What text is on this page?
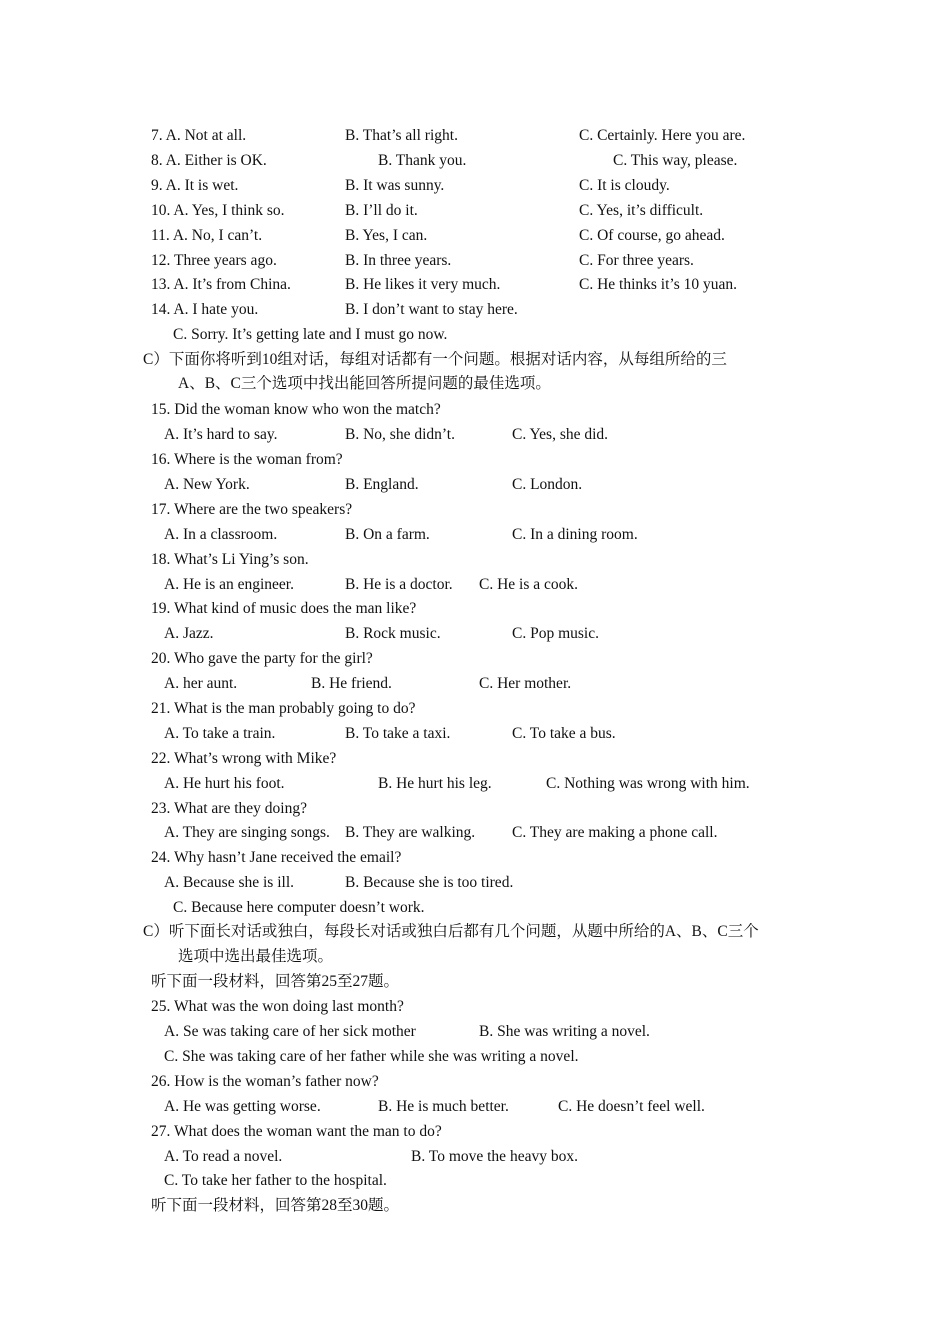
7. A. Not at all.	B. That’s all right.	C. Certainly. Here you are.
8. A. Either is OK.	B. Thank you.	C. This way, please.
9. A. It is wet.	B. It was sunny.	C. It is cloudy.
10. A. Yes, I think so.	B. I’ll do it.	C. Yes, it’s difficult.
11. A. No, I can’t.	B. Yes, I can.	C. Of course, go ahead.
12. Three years ago.	B. In three years.	C. For three years.
13. A. It’s from China.	B. He likes it very much.	C. He thinks it’s 10 yuan.
14. A. I hate you.	B. I don’t want to stay here.
C. Sorry. It’s getting late and I must go now.
C）下面你将听到10组对话，每组对话都有一个问题。根据对话内容，从每组所给的三
A、B、C三个选项中找出能回答所提问题的最佳选项。
15. Did the woman know who won the match?
A. It’s hard to say.	B. No, she didn’t.	C. Yes, she did.
16. Where is the woman from?
A. New York.	B. England.	C. London.
17. Where are the two speakers?
A. In a classroom.	B. On a farm.	C. In a dining room.
18. What’s Li Ying’s son.
A. He is an engineer.	B. He is a doctor. C. He is a cook.
19. What kind of music does the man like?
A. Jazz.	B. Rock music.	C. Pop music.
20. Who gave the party for the girl?
A. her aunt.	B. He friend.	C. Her mother.
21. What is the man probably going to do?
A. To take a train.	B. To take a taxi.	C. To take a bus.
22. What’s wrong with Mike?
A. He hurt his foot.	B. He hurt his leg.	C. Nothing was wrong with him.
23. What are they doing?
A. They are singing songs. B. They are walking. C. They are making a phone call.
24. Why hasn’t Jane received the email?
A. Because she is ill.	B. Because she is too tired.
C. Because here computer doesn’t work.
C）听下面长对话或独白，每段长对话或独白后都有几个问题，从题中所给的A、B、C三个
选项中选出最佳选项。
听下面一段材料，回答第25至27题。
25. What was the won doing last month?
A. Se was taking care of her sick mother	B. She was writing a novel.
C. She was taking care of her father while she was writing a novel.
26. How is the woman’s father now?
A. He was getting worse.	B. He is much better.	C. He doesn’t feel well.
27. What does the woman want the man to do?
A. To read a novel.	B. To move the heavy box.
C. To take her father to the hospital.
听下面一段材料，回答第28至30题。
